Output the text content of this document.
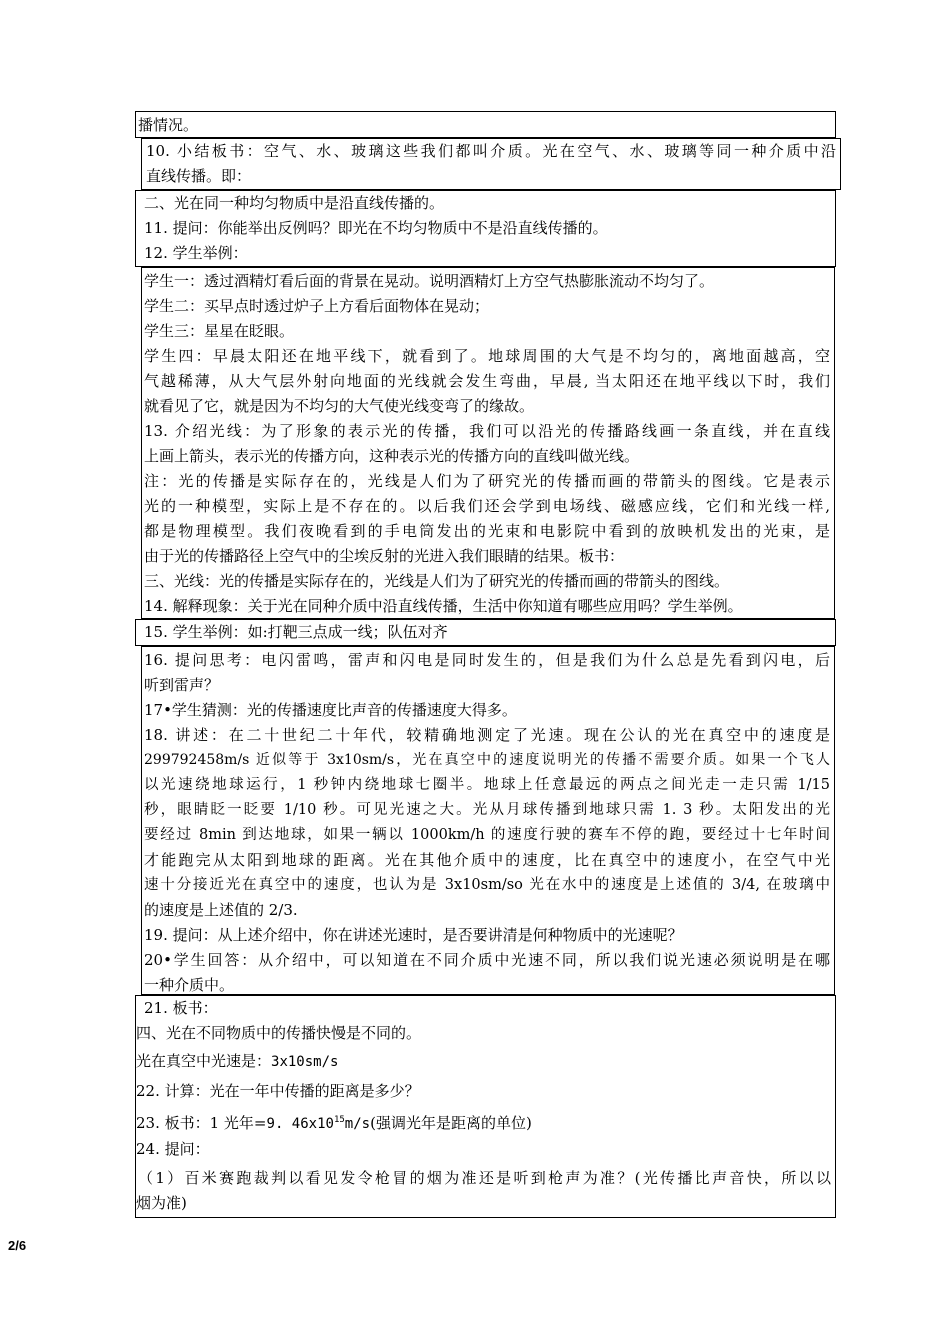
播情况。
10. 小结板书：空气、水、玻璃这些我们都叫介质。光在空气、水、玻璃等同一种介质中沿
直线传播。即：
二、光在同一种均匀物质中是沿直线传播的。
11. 提问：你能举出反例吗？即光在不均匀物质中不是沿直线传播的。
12. 学生举例：
学生一：透过酒精灯看后面的背景在晃动。说明酒精灯上方空气热膨胀流动不均匀了。
学生二：买早点时透过炉子上方看后面物体在晃动；
学生三：星星在眨眼。
学生四：早晨太阳还在地平线下，就看到了。地球周围的大气是不均匀的，离地面越高，空
气越稀薄，从大气层外射向地面的光线就会发生弯曲，早晨, 当太阳还在地平线以下时，我们
就看见了它，就是因为不均匀的大气使光线变弯了的缘故。
13. 介绍光线：为了形象的表示光的传播，我们可以沿光的传播路线画一条直线，并在直线
上画上箭头，表示光的传播方向，这种表示光的传播方向的直线叫做光线。
注：光的传播是实际存在的，光线是人们为了研究光的传播而画的带箭头的图线。它是表示
光的一种模型，实际上是不存在的。以后我们还会学到电场线、磁感应线，它们和光线一样,
都是物理模型。我们夜晚看到的手电筒发出的光束和电影院中看到的放映机发出的光束，是
由于光的传播路径上空气中的尘埃反射的光进入我们眼睛的结果。板书：
三、光线：光的传播是实际存在的，光线是人们为了研究光的传播而画的带箭头的图线。
14. 解释现象：关于光在同种介质中沿直线传播，生活中你知道有哪些应用吗？学生举例。
15. 学生举例：如:打靶三点成一线；队伍对齐
16. 提问思考：电闪雷鸣，雷声和闪电是同时发生的，但是我们为什么总是先看到闪电，后
听到雷声？
17•学生猜测：光的传播速度比声音的传播速度大得多。
18. 讲述：在二十世纪二十年代，较精确地测定了光速。现在公认的光在真空中的速度是
299792458m/s 近似等于 3x10sm/s，光在真空中的速度说明光的传播不需要介质。如果一个飞人
以光速绕地球运行，1 秒钟内绕地球七圈半。地球上任意最远的两点之间光走一走只需 1/15
秒，眼睛眨一眨要 1/10 秒。可见光速之大。光从月球传播到地球只需 1. 3 秒。太阳发出的光
要经过 8min 到达地球，如果一辆以 1000km/h 的速度行驶的赛车不停的跑，要经过十七年时间
才能跑完从太阳到地球的距离。光在其他介质中的速度，比在真空中的速度小，在空气中光
速十分接近光在真空中的速度，也认为是 3x10sm/so 光在水中的速度是上述值的 3/4, 在玻璃中
的速度是上述值的 2/3.
19. 提问：从上述介绍中，你在讲述光速时，是否要讲清是何种物质中的光速呢？
20•学生回答：从介绍中，可以知道在不同介质中光速不同，所以我们说光速必须说明是在哪
一种介质中。
21. 板书：
四、光在不同物质中的传播快慢是不同的。
光在真空中光速是：3x10sm/s
22. 计算：光在一年中传播的距离是多少？
23. 板书：1 光年=9. $46x10^{15}m/s$(强调光年是距离的单位)
24. 提问：
（1）百米赛跑裁判以看见发令枪冒的烟为准还是听到枪声为准？(光传播比声音快，所以以
烟为准)
2/6
